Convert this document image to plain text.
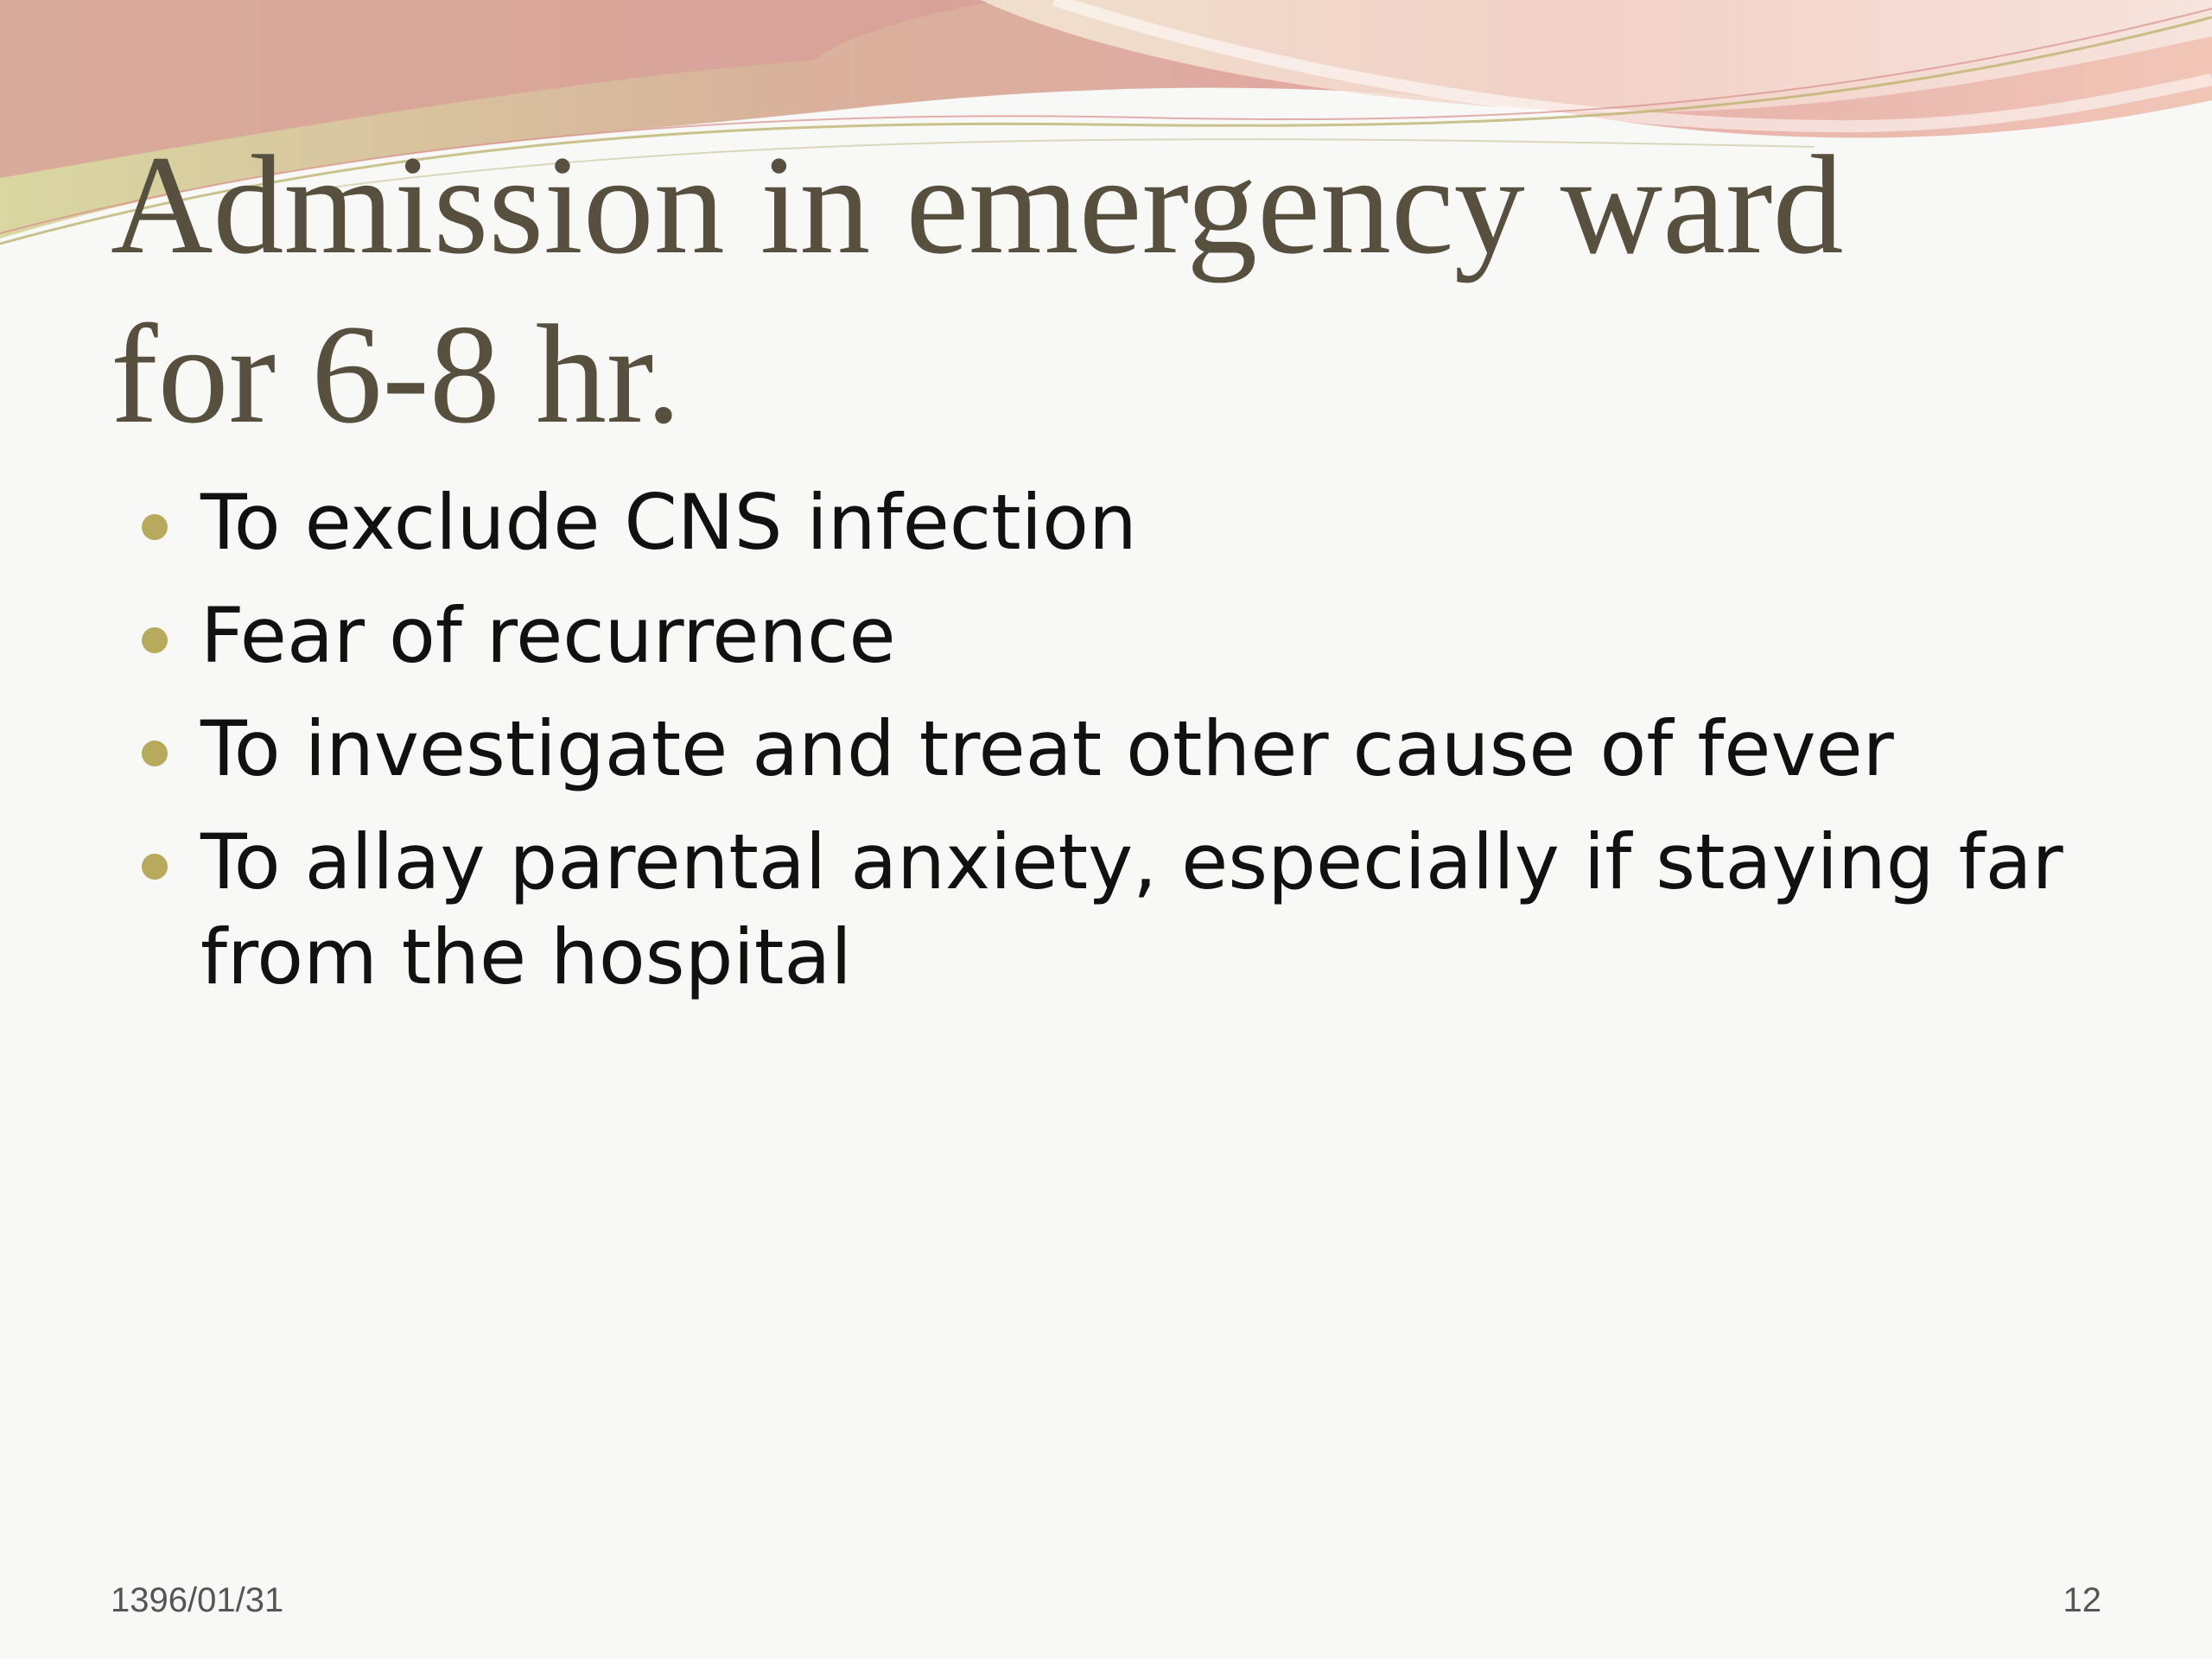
Admission in emergency ward
for 6-8 hr.
To exclude CNS infection
Fear of recurrence
To investigate and treat other cause of fever
To allay parental anxiety, especially if staying far from the hospital
1396/01/31	12
